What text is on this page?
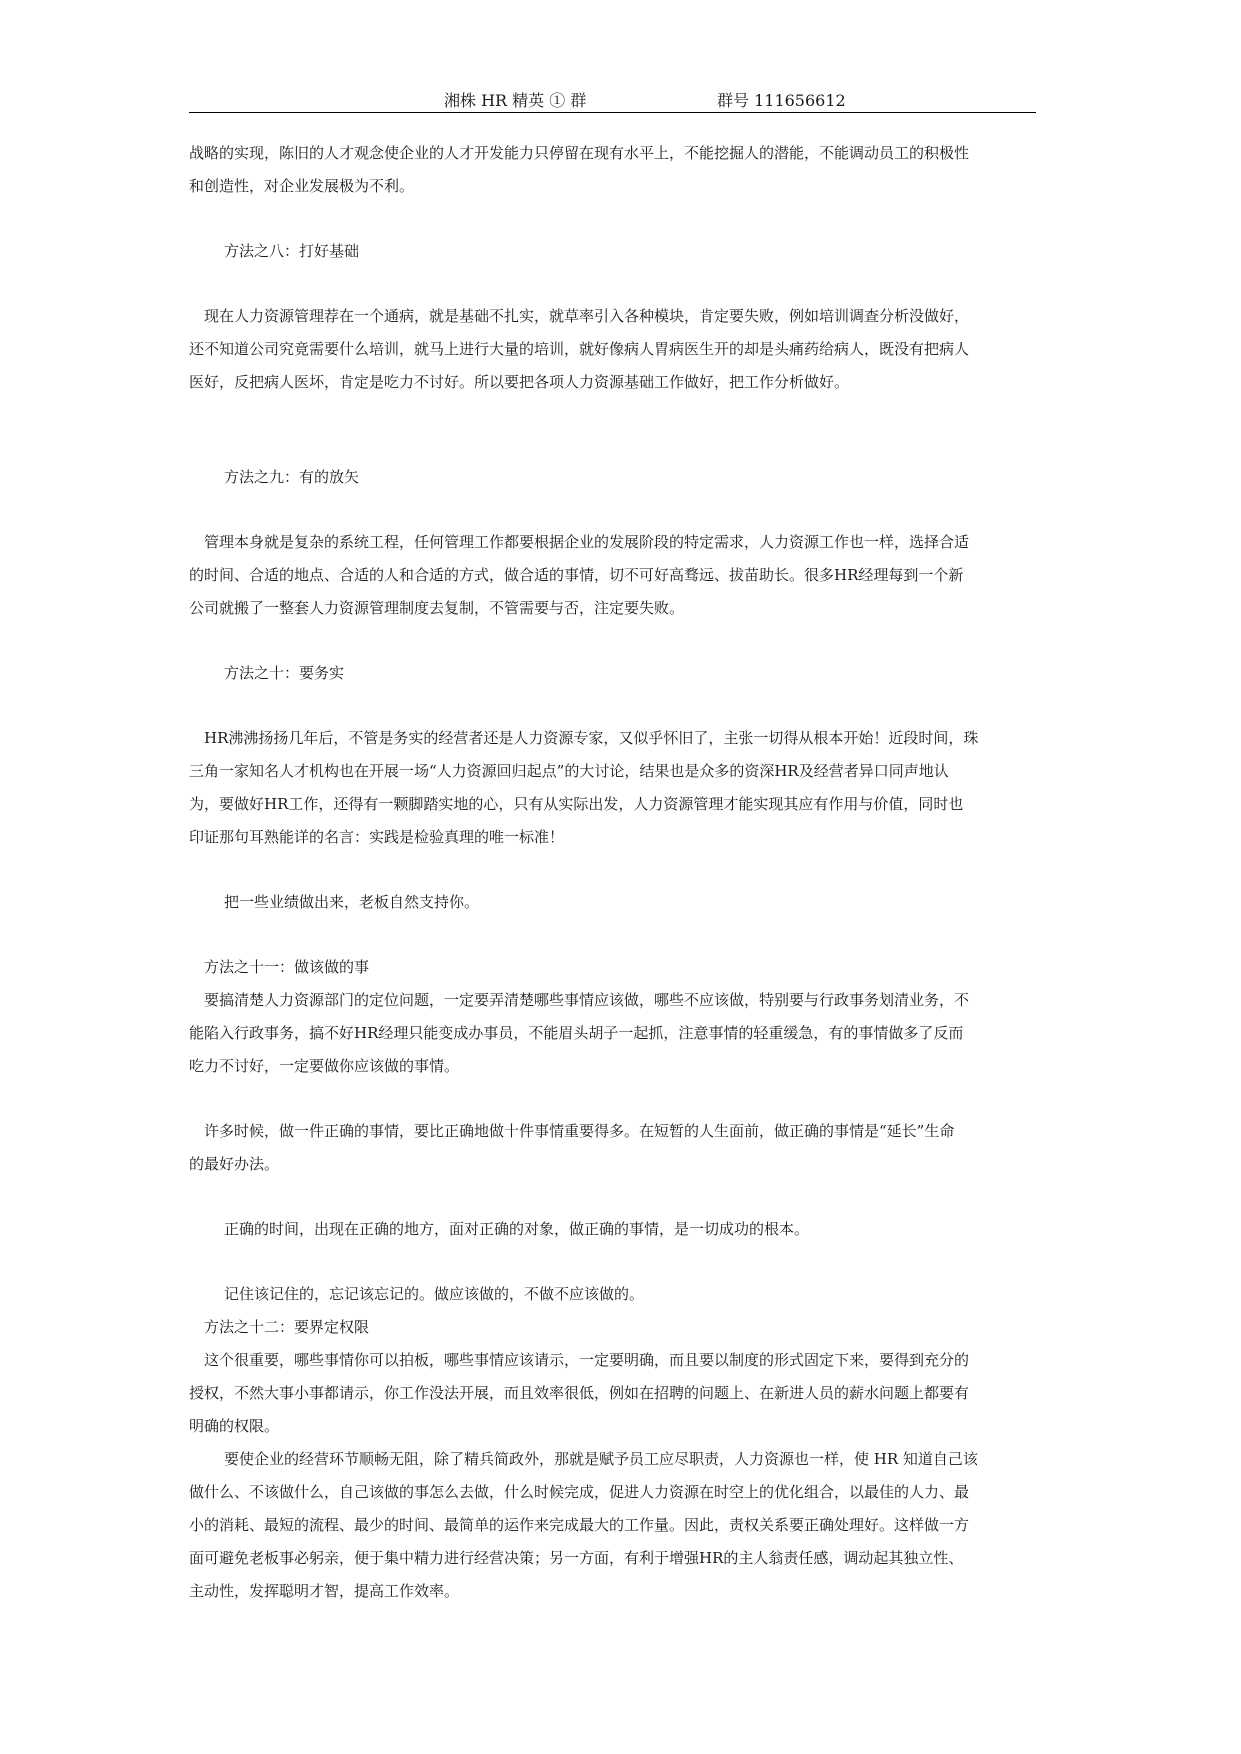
湘株 HR 精英 ① 群	群号 111656612
战略的实现，陈旧的人才观念使企业的人才开发能力只停留在现有水平上，不能挖掘人的潜能，不能调动员工的积极性
和创造性，对企业发展极为不利。
方法之八：打好基础
现在人力资源管理荐在一个通病，就是基础不扎实，就草率引入各种模块，肯定要失败，例如培训调查分析没做好，
还不知道公司究竟需要什么培训，就马上进行大量的培训，就好像病人胃病医生开的却是头痛药给病人，既没有把病人
医好，反把病人医坏，肯定是吃力不讨好。所以要把各项人力资源基础工作做好，把工作分析做好。
方法之九：有的放矢
管理本身就是复杂的系统工程，任何管理工作都要根据企业的发展阶段的特定需求，人力资源工作也一样，选择合适
的时间、合适的地点、合适的人和合适的方式，做合适的事情，切不可好高骛远、拔苗助长。很多HR经理每到一个新
公司就搬了一整套人力资源管理制度去复制，不管需要与否，注定要失败。
方法之十：要务实
HR沸沸扬扬几年后，不管是务实的经营者还是人力资源专家，又似乎怀旧了，主张一切得从根本开始！近段时间，珠
三角一家知名人才机构也在开展一场“人力资源回归起点”的大讨论，结果也是众多的资深HR及经营者异口同声地认
为，要做好HR工作，还得有一颗脚踏实地的心，只有从实际出发，人力资源管理才能实现其应有作用与价值，同时也
印证那句耳熟能详的名言：实践是检验真理的唯一标准！
把一些业绩做出来，老板自然支持你。
方法之十一：做该做的事
要搞清楚人力资源部门的定位问题，一定要弄清楚哪些事情应该做，哪些不应该做，特别要与行政事务划清业务，不
能陷入行政事务，搞不好HR经理只能变成办事员，不能眉头胡子一起抓，注意事情的轻重缓急，有的事情做多了反而
吃力不讨好，一定要做你应该做的事情。
许多时候，做一件正确的事情，要比正确地做十件事情重要得多。在短暂的人生面前，做正确的事情是“延长”生命
的最好办法。
正确的时间，出现在正确的地方，面对正确的对象，做正确的事情，是一切成功的根本。
记住该记住的，忘记该忘记的。做应该做的，不做不应该做的。
方法之十二：要界定权限
这个很重要，哪些事情你可以拍板，哪些事情应该请示，一定要明确，而且要以制度的形式固定下来，要得到充分的
授权，不然大事小事都请示，你工作没法开展，而且效率很低，例如在招聘的问题上、在新进人员的薪水问题上都要有
明确的权限。
要使企业的经营环节顺畅无阻，除了精兵简政外，那就是赋予员工应尽职责，人力资源也一样，使 HR 知道自己该
做什么、不该做什么，自己该做的事怎么去做，什么时候完成，促进人力资源在时空上的优化组合，以最佳的人力、最
小的消耗、最短的流程、最少的时间、最简单的运作来完成最大的工作量。因此，责权关系要正确处理好。这样做一方
面可避免老板事必躬亲，便于集中精力进行经营决策；另一方面，有利于增强HR的主人翁责任感，调动起其独立性、
主动性，发挥聪明才智，提高工作效率。
